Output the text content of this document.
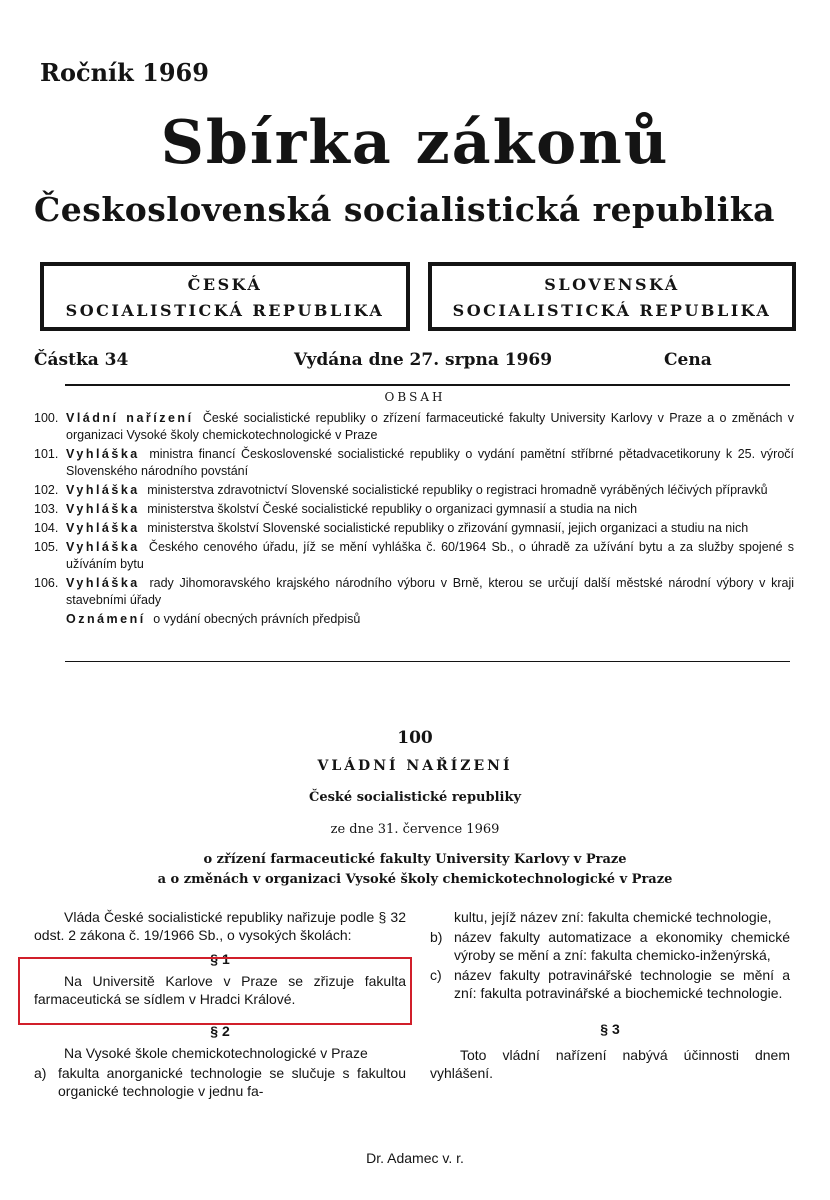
Ročník 1969
Sbírka zákonů
Československá socialistická republika
ČESKÁ
SOCIALISTICKÁ REPUBLIKA
SLOVENSKÁ
SOCIALISTICKÁ REPUBLIKA
Částka 34	Vydána dne 27. srpna 1969	Cena
OBSAH
100. Vládní nařízení České socialistické republiky o zřízení farmaceutické fakulty University Karlovy v Praze a o změnách v organizaci Vysoké školy chemickotechnologické v Praze
101. Vyhláška ministra financí Československé socialistické republiky o vydání pamětní stříbrné pětadvacetikoruny k 25. výročí Slovenského národního povstání
102. Vyhláška ministerstva zdravotnictví Slovenské socialistické republiky o registraci hromadně vyráběných léčivých přípravků
103. Vyhláška ministerstva školství České socialistické republiky o organizaci gymnasií a studia na nich
104. Vyhláška ministerstva školství Slovenské socialistické republiky o zřizování gymnasií, jejich organizaci a studiu na nich
105. Vyhláška Českého cenového úřadu, jíž se mění vyhláška č. 60/1964 Sb., o úhradě za užívání bytu a za služby spojené s užíváním bytu
106. Vyhláška rady Jihomoravského krajského národního výboru v Brně, kterou se určují další městské národní výbory v kraji stavebními úřady
Oznámení o vydání obecných právních předpisů
100
VLÁDNÍ NAŘÍZENÍ
České socialistické republiky
ze dne 31. července 1969
o zřízení farmaceutické fakulty University Karlovy v Praze
a o změnách v organizaci Vysoké školy chemickotechnologické v Praze

Vláda České socialistické republiky nařizuje podle § 32 odst. 2 zákona č. 19/1966 Sb., o vysokých školách:

§ 1

Na Universitě Karlove v Praze se zřizuje fakulta farmaceutická se sídlem v Hradci Králové.

§ 2

Na Vysoké škole chemickotechnologické v Praze

a) fakulta anorganické technologie se slučuje s fakultou organické technologie v jednu fa-

kultu, jejíž název zní: fakulta chemické technologie,

b) název fakulty automatizace a ekonomiky chemické výroby se mění a zní: fakulta chemicko-inženýrská,
c) název fakulty potravinářské technologie se mění a zní: fakulta potravinářské a biochemické technologie.
§ 3

Toto vládní nařízení nabývá účinnosti dnem vyhlášení.

Dr. Adamec v. r.
